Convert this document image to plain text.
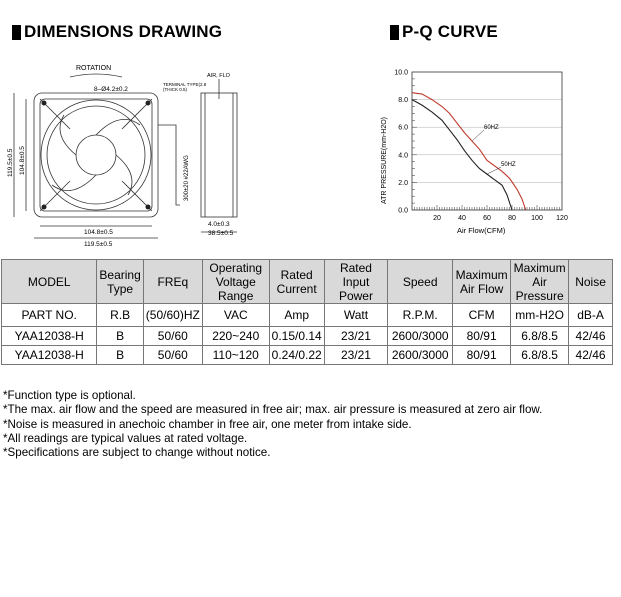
DIMENSIONS DRAWING	P-Q CURVE
ROTATION
8–Ø4.2±0.2
AIR, FLO
TERMINAL TYPE(2.8
(THICK 0.5)
119.5±0.5 104.8±0.5
104.8±0.5
119.5±0.5
300±20 #22AWG
4.0±0.3
38.5±0.5
0.0
2.0
4.0
6.0
8.0
10.0
20 40 60 80 100 120
60HZ
50HZ
Air Flow(CFM)
ATR PRESSURE(mm-H2O)
MODEL	Bearing Type	FREq	Operating Voltage Range	Rated Current	Rated Input Power	Speed	Maximum Air Flow	Maximum Air Pressure	Noise
PART NO.	R.B	(50/60)HZ	VAC	Amp	Watt	R.P.M.	CFM	mm-H2O	dB-A
YAA12038-H	B	50/60	220~240	0.15/0.14	23/21	2600/3000	80/91	6.8/8.5	42/46
YAA12038-H	B	50/60	110~120	0.24/0.22	23/21	2600/3000	80/91	6.8/8.5	42/46
*Function type is optional.
*The max. air flow and the speed are measured in free air; max. air pressure is measured at zero air flow.
*Noise is measured in anechoic chamber in free air, one meter from intake side.
*All readings are typical values at rated voltage.
*Specifications are subject to change without notice.
